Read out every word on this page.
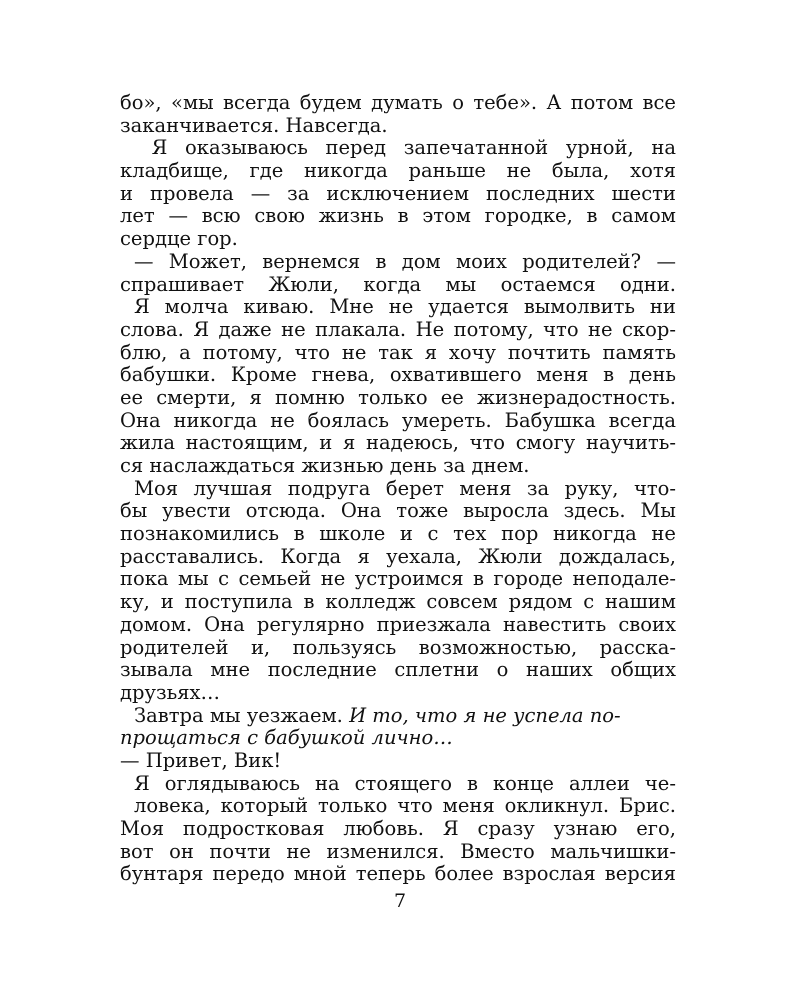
бо», «мы всегда будем думать о тебе». А потом все
заканчивается. Навсегда.
Я оказываюсь перед запечатанной урной, на
кладбище, где никогда раньше не была, хотя
и провела — за исключением последних шести
лет — всю свою жизнь в этом городке, в самом
сердце гор.
— Может, вернемся в дом моих родителей? —
спрашивает Жюли, когда мы остаемся одни.
Я молча киваю. Мне не удается вымолвить ни
слова. Я даже не плакала. Не потому, что не скор-
блю, а потому, что не так я хочу почтить память
бабушки. Кроме гнева, охватившего меня в день
ее смерти, я помню только ее жизнерадостность.
Она никогда не боялась умереть. Бабушка всегда
жила настоящим, и я надеюсь, что смогу научить-
ся наслаждаться жизнью день за днем.
Моя лучшая подруга берет меня за руку, что-
бы увести отсюда. Она тоже выросла здесь. Мы
познакомились в школе и с тех пор никогда не
расставались. Когда я уехала, Жюли дождалась,
пока мы с семьей не устроимся в городе неподале-
ку, и поступила в колледж совсем рядом с нашим
домом. Она регулярно приезжала навестить своих
родителей и, пользуясь возможностью, расска-
зывала мне последние сплетни о наших общих
друзьях…
Завтра мы уезжаем. И то, что я не успела по-
прощаться с бабушкой лично…
— Привет, Вик!
Я оглядываюсь на стоящего в конце аллеи че-
ловека, который только что меня окликнул. Брис.
Моя подростковая любовь. Я сразу узнаю его,
вот он почти не изменился. Вместо мальчишки-
бунтаря передо мной теперь более взрослая версия
7
